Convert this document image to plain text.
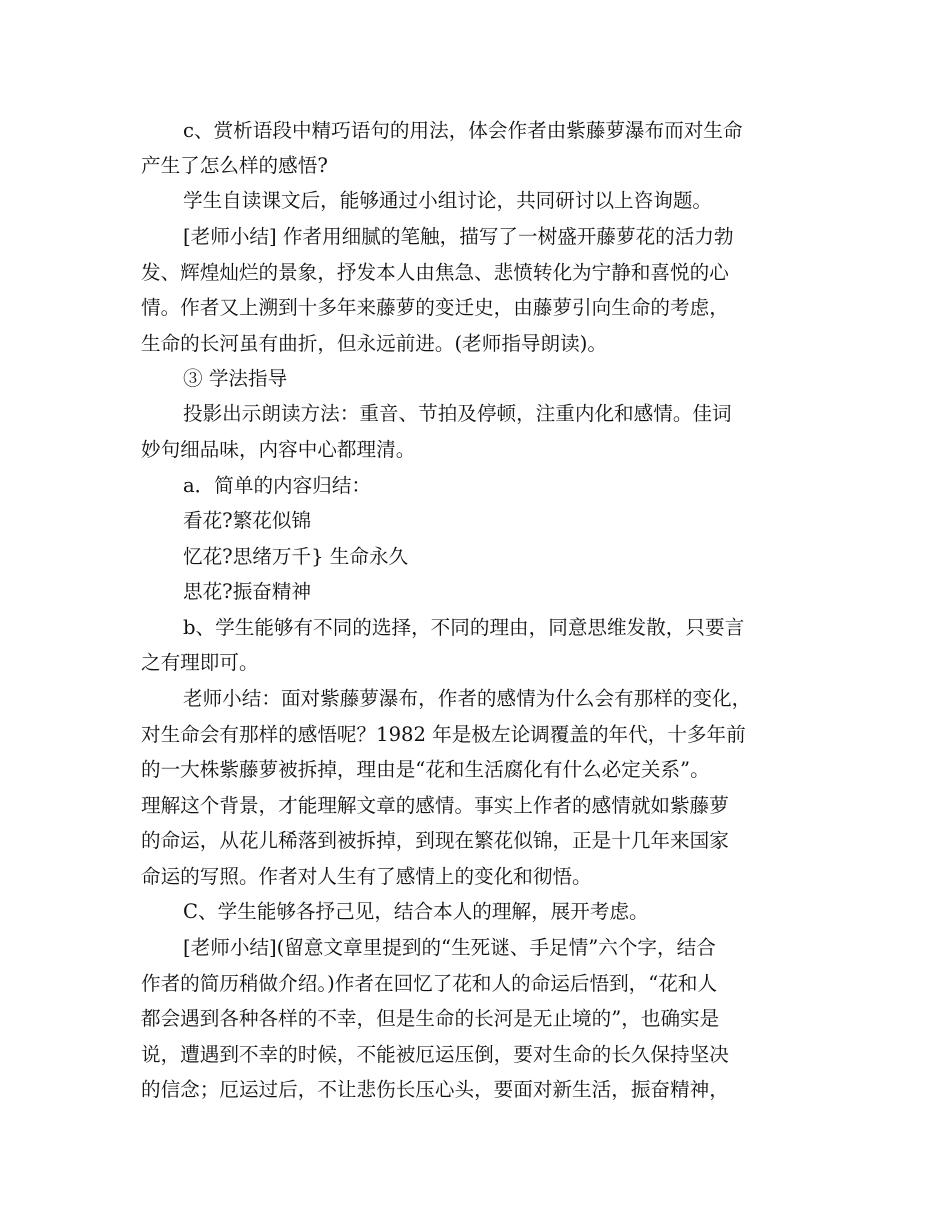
c、赏析语段中精巧语句的用法，体会作者由紫藤萝瀑布而对生命
产生了怎么样的感悟?
学生自读课文后，能够通过小组讨论，共同研讨以上咨询题。
[老师小结] 作者用细腻的笔触，描写了一树盛开藤萝花的活力勃
发、辉煌灿烂的景象，抒发本人由焦急、悲愤转化为宁静和喜悦的心
情。作者又上溯到十多年来藤萝的变迁史，由藤萝引向生命的考虑，
生命的长河虽有曲折，但永远前进。(老师指导朗读)。
③ 学法指导
投影出示朗读方法：重音、节拍及停顿，注重内化和感情。佳词
妙句细品味，内容中心都理清。
a．简单的内容归结：
看花?繁花似锦
忆花?思绪万千} 生命永久
思花?振奋精神
b、学生能够有不同的选择，不同的理由，同意思维发散，只要言
之有理即可。
老师小结：面对紫藤萝瀑布，作者的感情为什么会有那样的变化，
对生命会有那样的感悟呢？1982 年是极左论调覆盖的年代，十多年前
的一大株紫藤萝被拆掉，理由是“花和生活腐化有什么必定关系”。
理解这个背景，才能理解文章的感情。事实上作者的感情就如紫藤萝
的命运，从花儿稀落到被拆掉，到现在繁花似锦，正是十几年来国家
命运的写照。作者对人生有了感情上的变化和彻悟。
C、学生能够各抒己见，结合本人的理解，展开考虑。
[老师小结](留意文章里提到的“生死谜、手足情”六个字，结合
作者的简历稍做介绍。)作者在回忆了花和人的命运后悟到，“花和人
都会遇到各种各样的不幸，但是生命的长河是无止境的”，也确实是
说，遭遇到不幸的时候，不能被厄运压倒，要对生命的长久保持坚决
的信念；厄运过后，不让悲伤长压心头，要面对新生活，振奋精神，
